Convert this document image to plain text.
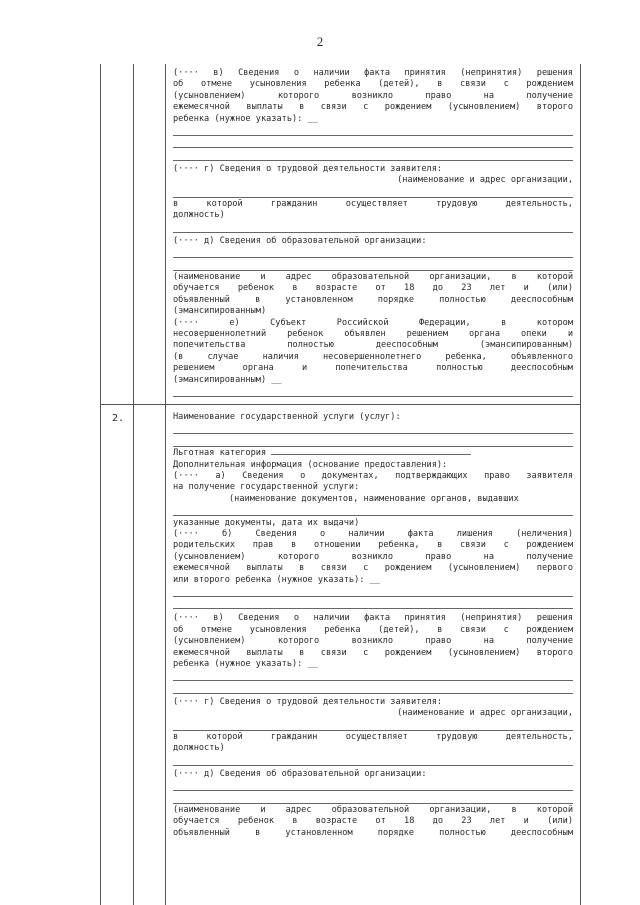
2
2.
(···· в) Сведения о наличии факта принятия (непринятия) решения
об отмене усыновления ребенка (детей), в связи с рождением
(усыновлением) которого возникло право на получение
ежемесячной выплаты в связи с рождением (усыновлением) второго
ребенка (нужное указать): __
(···· г) Сведения о трудовой деятельности заявителя:
(наименование и адрес организации,
в которой гражданин осуществляет трудовую деятельность,
должность)
(···· д) Сведения об образовательной организации:
(наименование и адрес образовательной организации, в которой
обучается ребенок в возрасте от 18 до 23 лет и (или)
объявленный в установленном порядке полностью дееспособным
(эмансипированным)
(···· е) Субъект Российской Федерации, в котором
несовершеннолетний ребенок объявлен решением органа опеки и
попечительства полностью дееспособным (эмансипированным)
(в случае наличия несовершеннолетнего ребенка, объявленного
решением органа и попечительства полностью дееспособным
(эмансипированным) __
Наименование государственной услуги (услуг):
Льготная категория
Дополнительная информация (основание предоставления):
(···· а) Сведения о документах, подтверждающих право заявителя
на получение государственной услуги:
(наименование документов, наименование органов, выдавших
указанные документы, дата их выдачи)
(···· б) Сведения о наличии факта лишения (неличения)
родительских прав в отношении ребенка, в связи с рождением
(усыновлением) которого возникло право на получение
ежемесячной выплаты в связи с рождением (усыновлением) первого
или второго ребенка (нужное указать): __
(···· в) Сведения о наличии факта принятия (непринятия) решения
об отмене усыновления ребенка (детей), в связи с рождением
(усыновлением) которого возникло право на получение
ежемесячной выплаты в связи с рождением (усыновлением) второго
ребенка (нужное указать): __
(···· г) Сведения о трудовой деятельности заявителя:
(наименование и адрес организации,
в которой гражданин осуществляет трудовую деятельность,
должность)
(···· д) Сведения об образовательной организации:
(наименование и адрес образовательной организации, в которой
обучается ребенок в возрасте от 18 до 23 лет и (или)
объявленный в установленном порядке полностью дееспособным
